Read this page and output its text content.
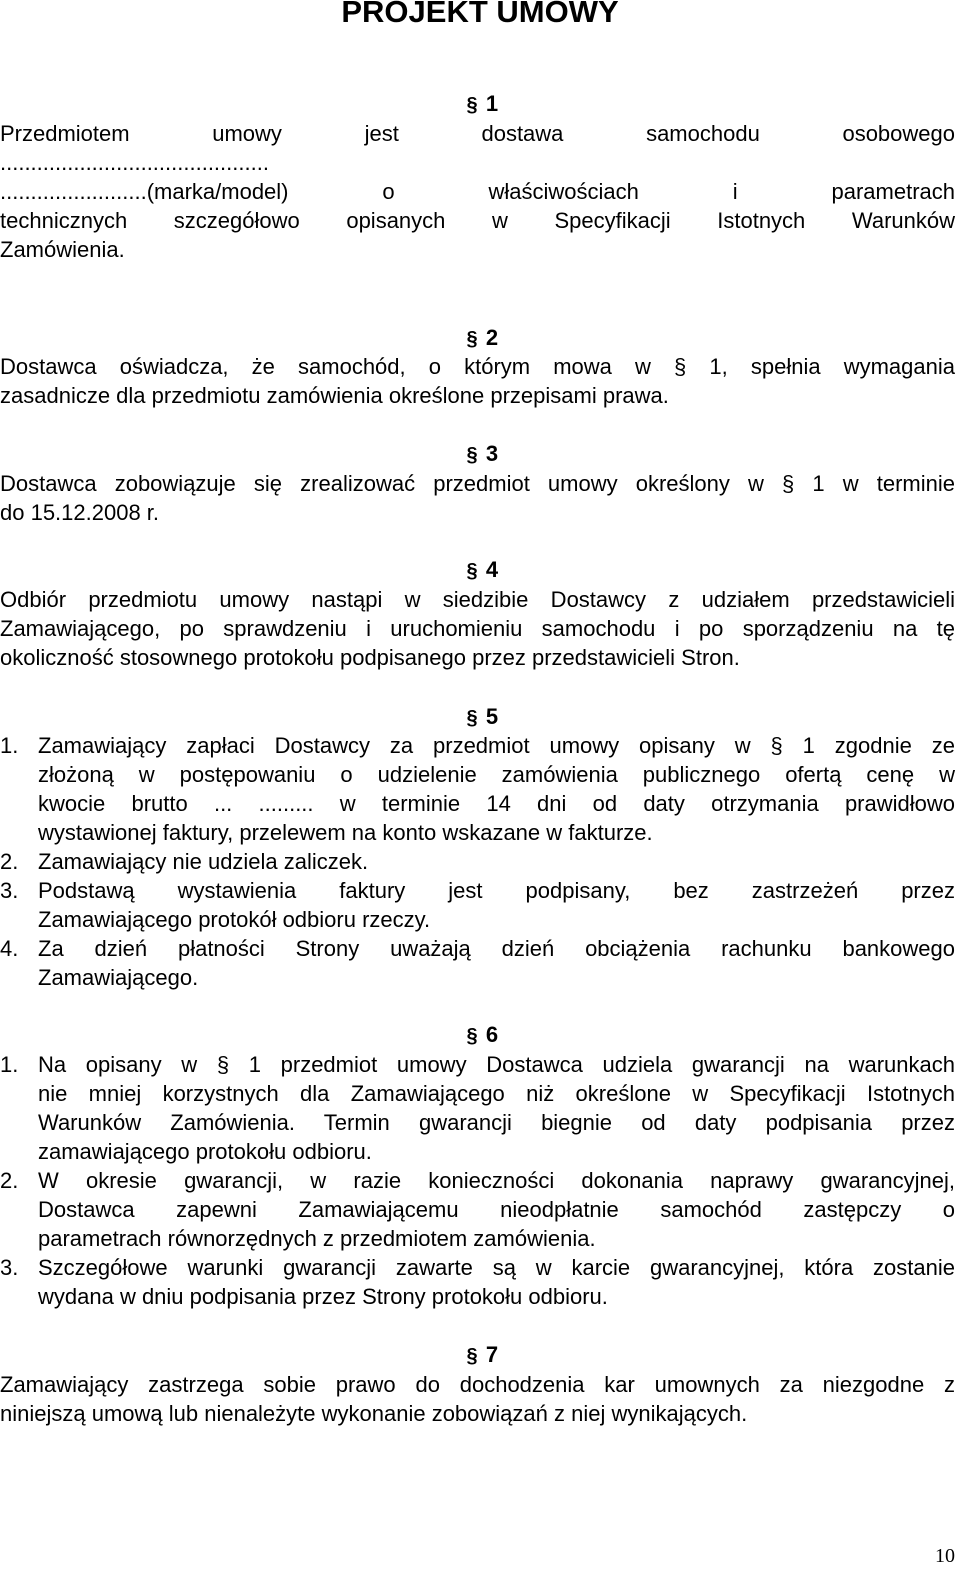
PROJEKT UMOWY
§ 1
Przedmiotem umowy jest dostawa samochodu osobowego
............................................
........................(marka/model) o właściwościach i parametrach
technicznych szczegółowo opisanych w Specyfikacji Istotnych Warunków
Zamówienia.
§ 2
Dostawca oświadcza, że samochód, o którym mowa w § 1, spełnia wymagania
zasadnicze dla przedmiotu zamówienia określone przepisami prawa.
§ 3
Dostawca zobowiązuje się zrealizować przedmiot umowy określony w § 1 w terminie
do 15.12.2008 r.
§ 4
Odbiór przedmiotu umowy nastąpi w siedzibie Dostawcy z udziałem przedstawicieli
Zamawiającego, po sprawdzeniu i uruchomieniu samochodu i po sporządzeniu na tę
okoliczność stosownego protokołu podpisanego przez przedstawicieli Stron.
§ 5
1. Zamawiający zapłaci Dostawcy za przedmiot umowy opisany w § 1 zgodnie ze
złożoną w postępowaniu o udzielenie zamówienia publicznego ofertą cenę w
kwocie brutto ... ......... w terminie 14 dni od daty otrzymania prawidłowo
wystawionej faktury, przelewem na konto wskazane w fakturze.
2. Zamawiający nie udziela zaliczek.
3. Podstawą wystawienia faktury jest podpisany, bez zastrzeżeń przez
Zamawiającego protokół odbioru rzeczy.
4. Za dzień płatności Strony uważają dzień obciążenia rachunku bankowego
Zamawiającego.
§ 6
1. Na opisany w § 1 przedmiot umowy Dostawca udziela gwarancji na warunkach
nie mniej korzystnych dla Zamawiającego niż określone w Specyfikacji Istotnych
Warunków Zamówienia. Termin gwarancji biegnie od daty podpisania przez
zamawiającego protokołu odbioru.
2. W okresie gwarancji, w razie konieczności dokonania naprawy gwarancyjnej,
Dostawca zapewni Zamawiającemu nieodpłatnie samochód zastępczy o
parametrach równorzędnych z przedmiotem zamówienia.
3. Szczegółowe warunki gwarancji zawarte są w karcie gwarancyjnej, która zostanie
wydana w dniu podpisania przez Strony protokołu odbioru.
§ 7
Zamawiający zastrzega sobie prawo do dochodzenia kar umownych za niezgodne z
niniejszą umową lub nienależyte wykonanie zobowiązań z niej wynikających.
10
